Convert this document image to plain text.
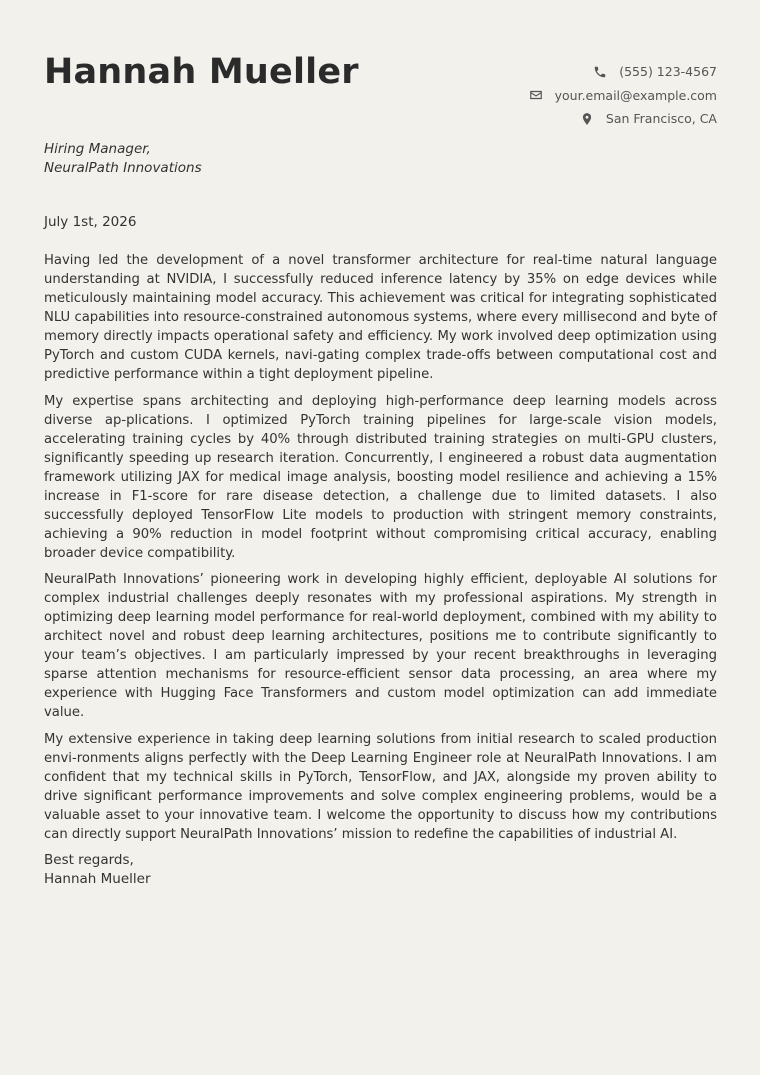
Hannah Mueller	(555) 123-4567
your.email@example.com
San Francisco, CA
Hiring Manager,
NeuralPath Innovations
July 1st, 2026

Having led the development of a novel transformer architecture for real-time natural language understanding at NVIDIA, I successfully reduced inference latency by 35% on edge devices while meticulously maintaining model accuracy. This achievement was critical for integrating sophisticated NLU capabilities into resource-constrained autonomous systems, where every millisecond and byte of memory directly impacts operational safety and efficiency. My work involved deep optimization using PyTorch and custom CUDA kernels, navi-gating complex trade-offs between computational cost and predictive performance within a tight deployment pipeline.

My expertise spans architecting and deploying high-performance deep learning models across diverse ap-plications. I optimized PyTorch training pipelines for large-scale vision models, accelerating training cycles by 40% through distributed training strategies on multi-GPU clusters, significantly speeding up research iteration. Concurrently, I engineered a robust data augmentation framework utilizing JAX for medical image analysis, boosting model resilience and achieving a 15% increase in F1-score for rare disease detection, a challenge due to limited datasets. I also successfully deployed TensorFlow Lite models to production with stringent memory constraints, achieving a 90% reduction in model footprint without compromising critical accuracy, enabling broader device compatibility.

NeuralPath Innovations’ pioneering work in developing highly efficient, deployable AI solutions for complex industrial challenges deeply resonates with my professional aspirations. My strength in optimizing deep learning model performance for real-world deployment, combined with my ability to architect novel and robust deep learning architectures, positions me to contribute significantly to your team’s objectives. I am particularly impressed by your recent breakthroughs in leveraging sparse attention mechanisms for resource-efficient sensor data processing, an area where my experience with Hugging Face Transformers and custom model optimization can add immediate value.

My extensive experience in taking deep learning solutions from initial research to scaled production envi-ronments aligns perfectly with the Deep Learning Engineer role at NeuralPath Innovations. I am confident that my technical skills in PyTorch, TensorFlow, and JAX, alongside my proven ability to drive significant performance improvements and solve complex engineering problems, would be a valuable asset to your innovative team. I welcome the opportunity to discuss how my contributions can directly support NeuralPath Innovations’ mission to redefine the capabilities of industrial AI.

Best regards,
Hannah Mueller
